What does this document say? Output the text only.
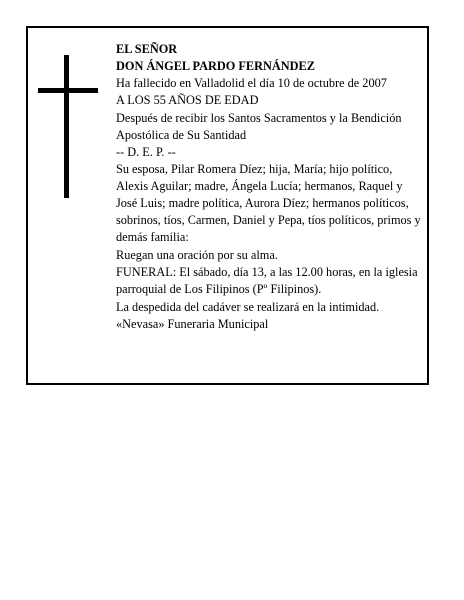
EL SEÑOR

DON ÁNGEL PARDO FERNÁNDEZ

Ha fallecido en Valladolid el día 10 de octubre de 2007

A LOS 55 AÑOS DE EDAD

Después de recibir los Santos Sacramentos y la Bendición Apostólica de Su Santidad

-- D. E. P. --

Su esposa, Pilar Romera Díez; hija, María; hijo político, Alexis Aguilar; madre, Ángela Lucía; hermanos, Raquel y José Luis; madre política, Aurora Díez; hermanos políticos, sobrinos, tíos, Carmen, Daniel y Pepa, tíos políticos, primos y demás familia:

Ruegan una oración por su alma.

FUNERAL: El sábado, día 13, a las 12.00 horas, en la iglesia parroquial de Los Filipinos (Pº Filipinos).

La despedida del cadáver se realizará en la intimidad.

«Nevasa» Funeraria Municipal
